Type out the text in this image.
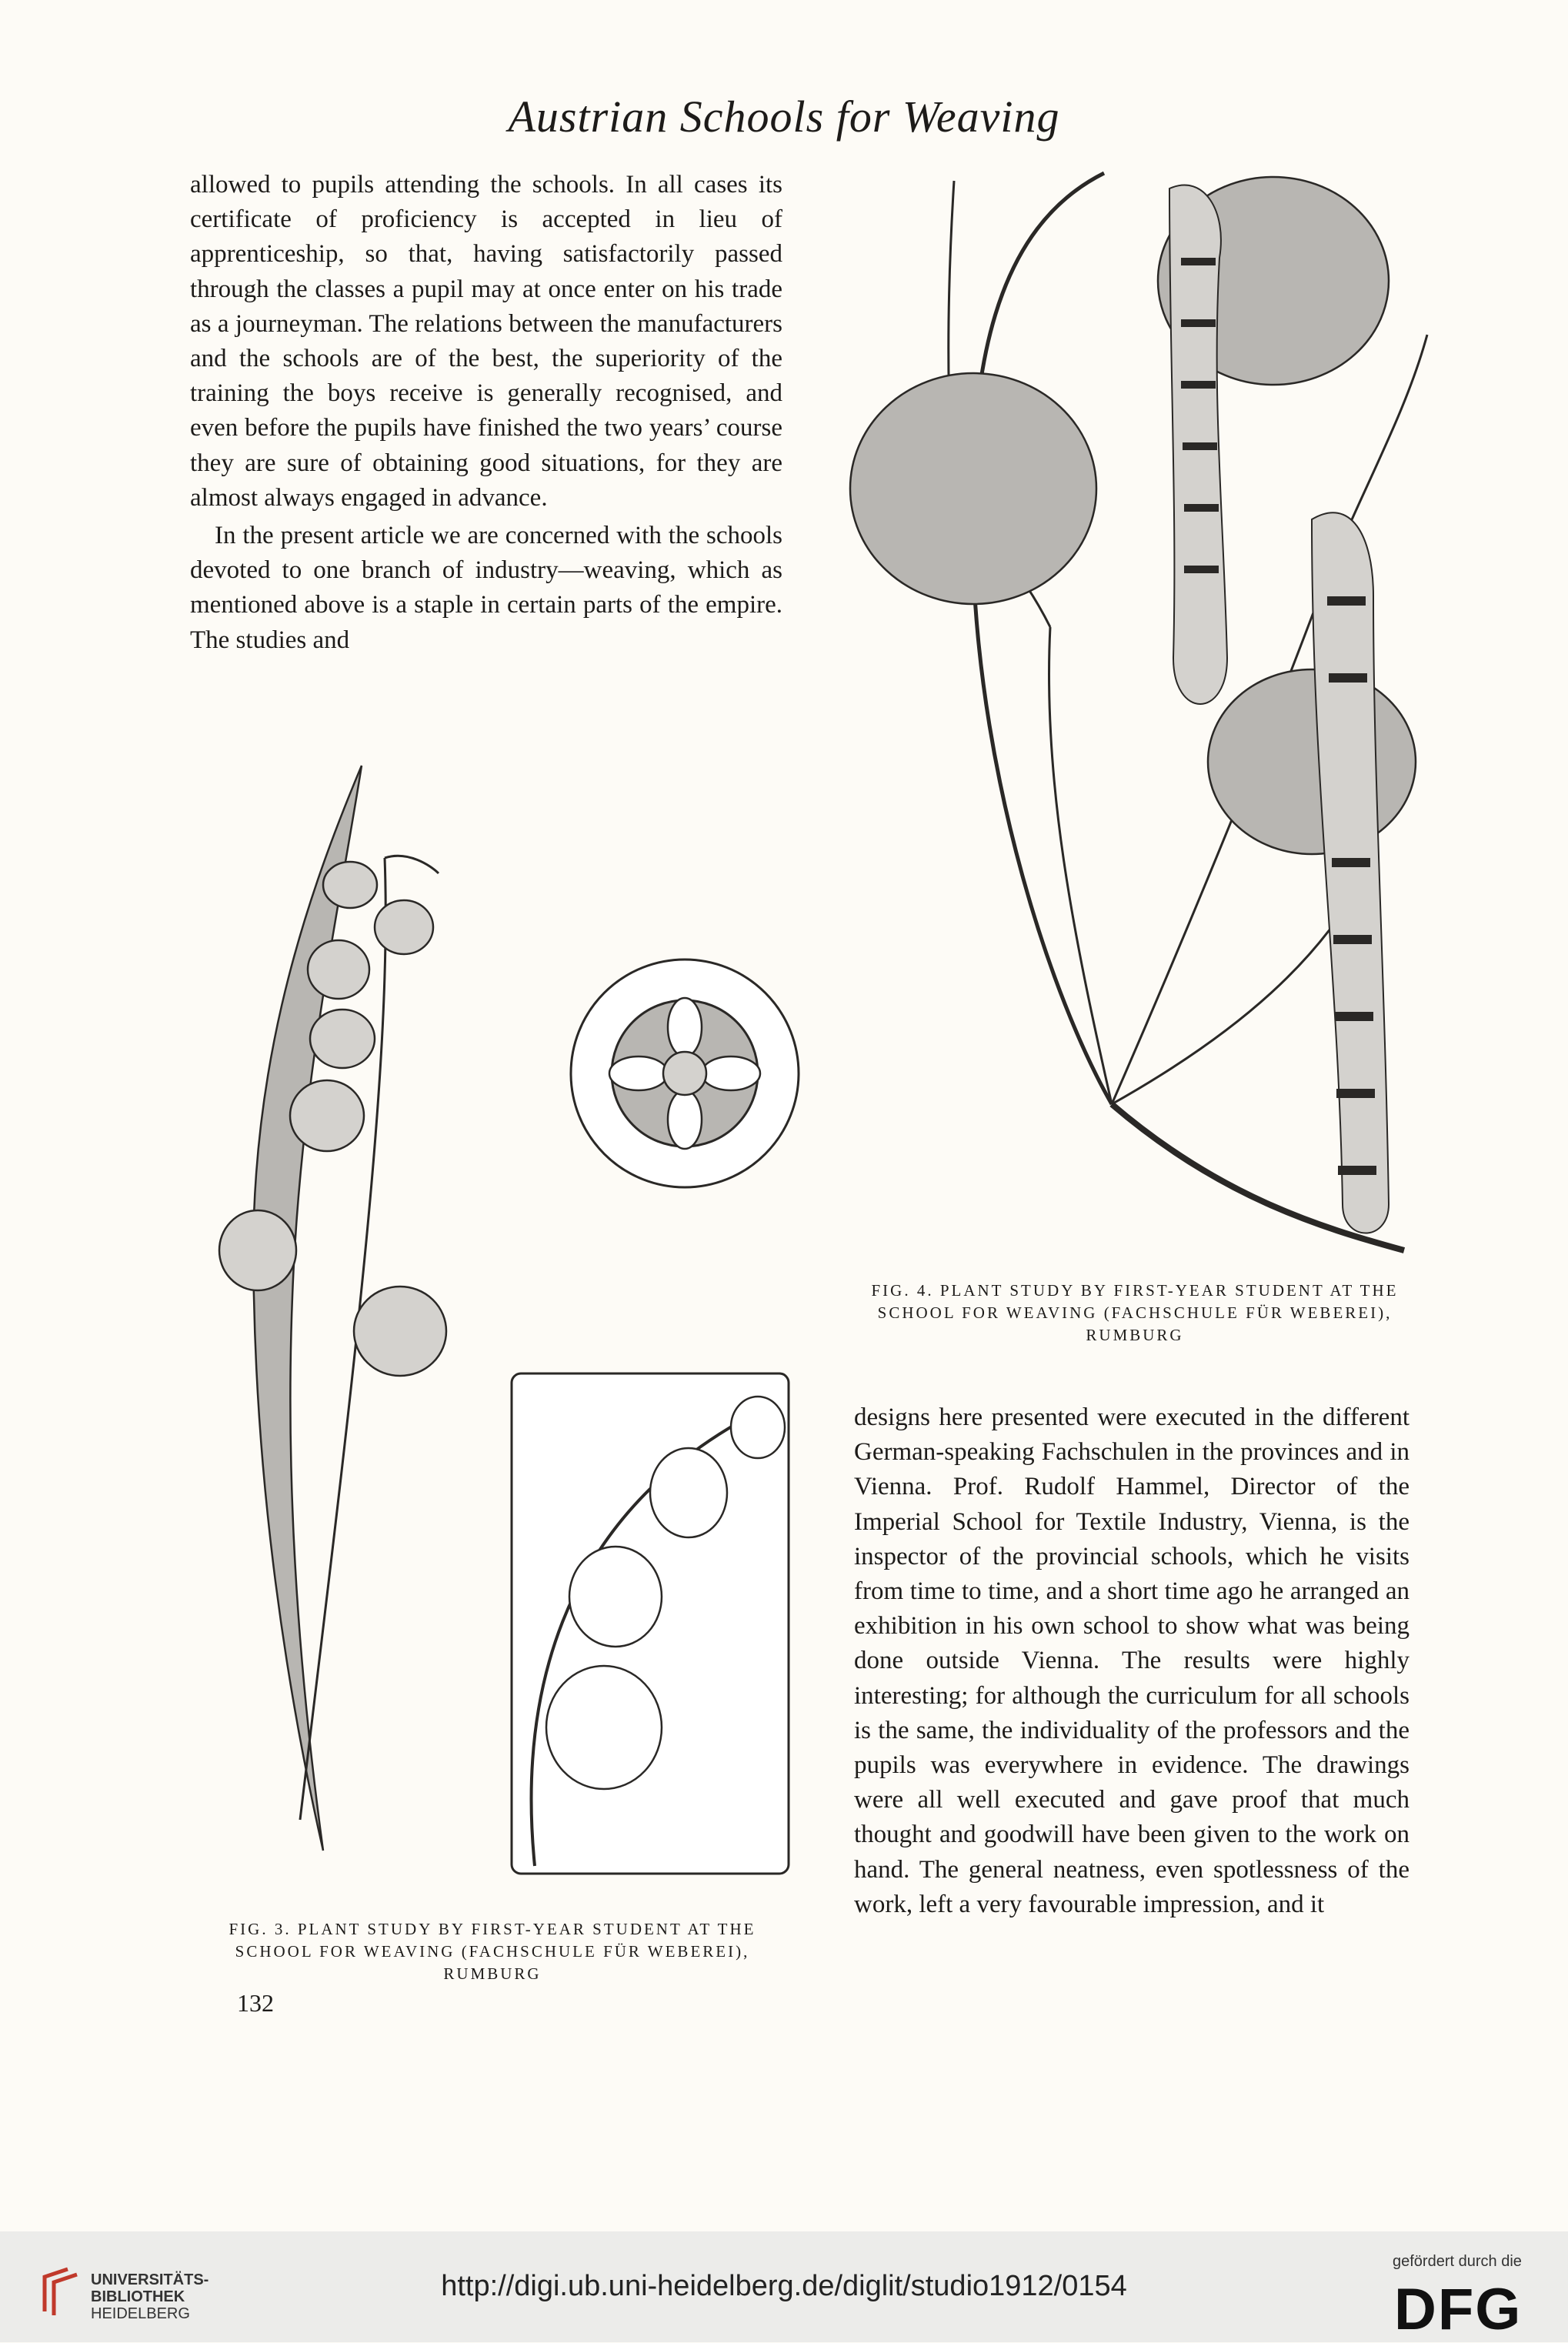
Austrian Schools for Weaving

allowed to pupils attending the schools. In all cases its certificate of proficiency is accepted in lieu of apprenticeship, so that, having satisfactorily passed through the classes a pupil may at once enter on his trade as a journeyman. The relations between the manufacturers and the schools are of the best, the superiority of the training the boys receive is generally recognised, and even before the pupils have finished the two years’ course they are sure of obtaining good situations, for they are almost always engaged in advance.

In the present article we are concerned with the schools devoted to one branch of industry—weaving, which as mentioned above is a staple in certain parts of the empire. The studies and

designs here presented were executed in the different German-speaking Fachschulen in the provinces and in Vienna. Prof. Rudolf Hammel, Director of the Imperial School for Textile Industry, Vienna, is the inspector of the provincial schools, which he visits from time to time, and a short time ago he arranged an exhibition in his own school to show what was being done outside Vienna. The results were highly interesting; for although the curriculum for all schools is the same, the individuality of the professors and the pupils was everywhere in evidence. The drawings were all well executed and gave proof that much thought and goodwill have been given to the work on hand. The general neatness, even spotlessness of the work, left a very favourable impression, and it

FIG. 4. PLANT STUDY BY FIRST-YEAR STUDENT AT THE
SCHOOL FOR WEAVING (FACHSCHULE FÜR WEBEREI),
RUMBURG
FIG. 3. PLANT STUDY BY FIRST-YEAR STUDENT AT THE
SCHOOL FOR WEAVING (FACHSCHULE FÜR WEBEREI),
RUMBURG
132
UNIVERSITÄTS-
BIBLIOTHEK
HEIDELBERG
http://digi.ub.uni-heidelberg.de/diglit/studio1912/0154
gefördert durch die
DFG
